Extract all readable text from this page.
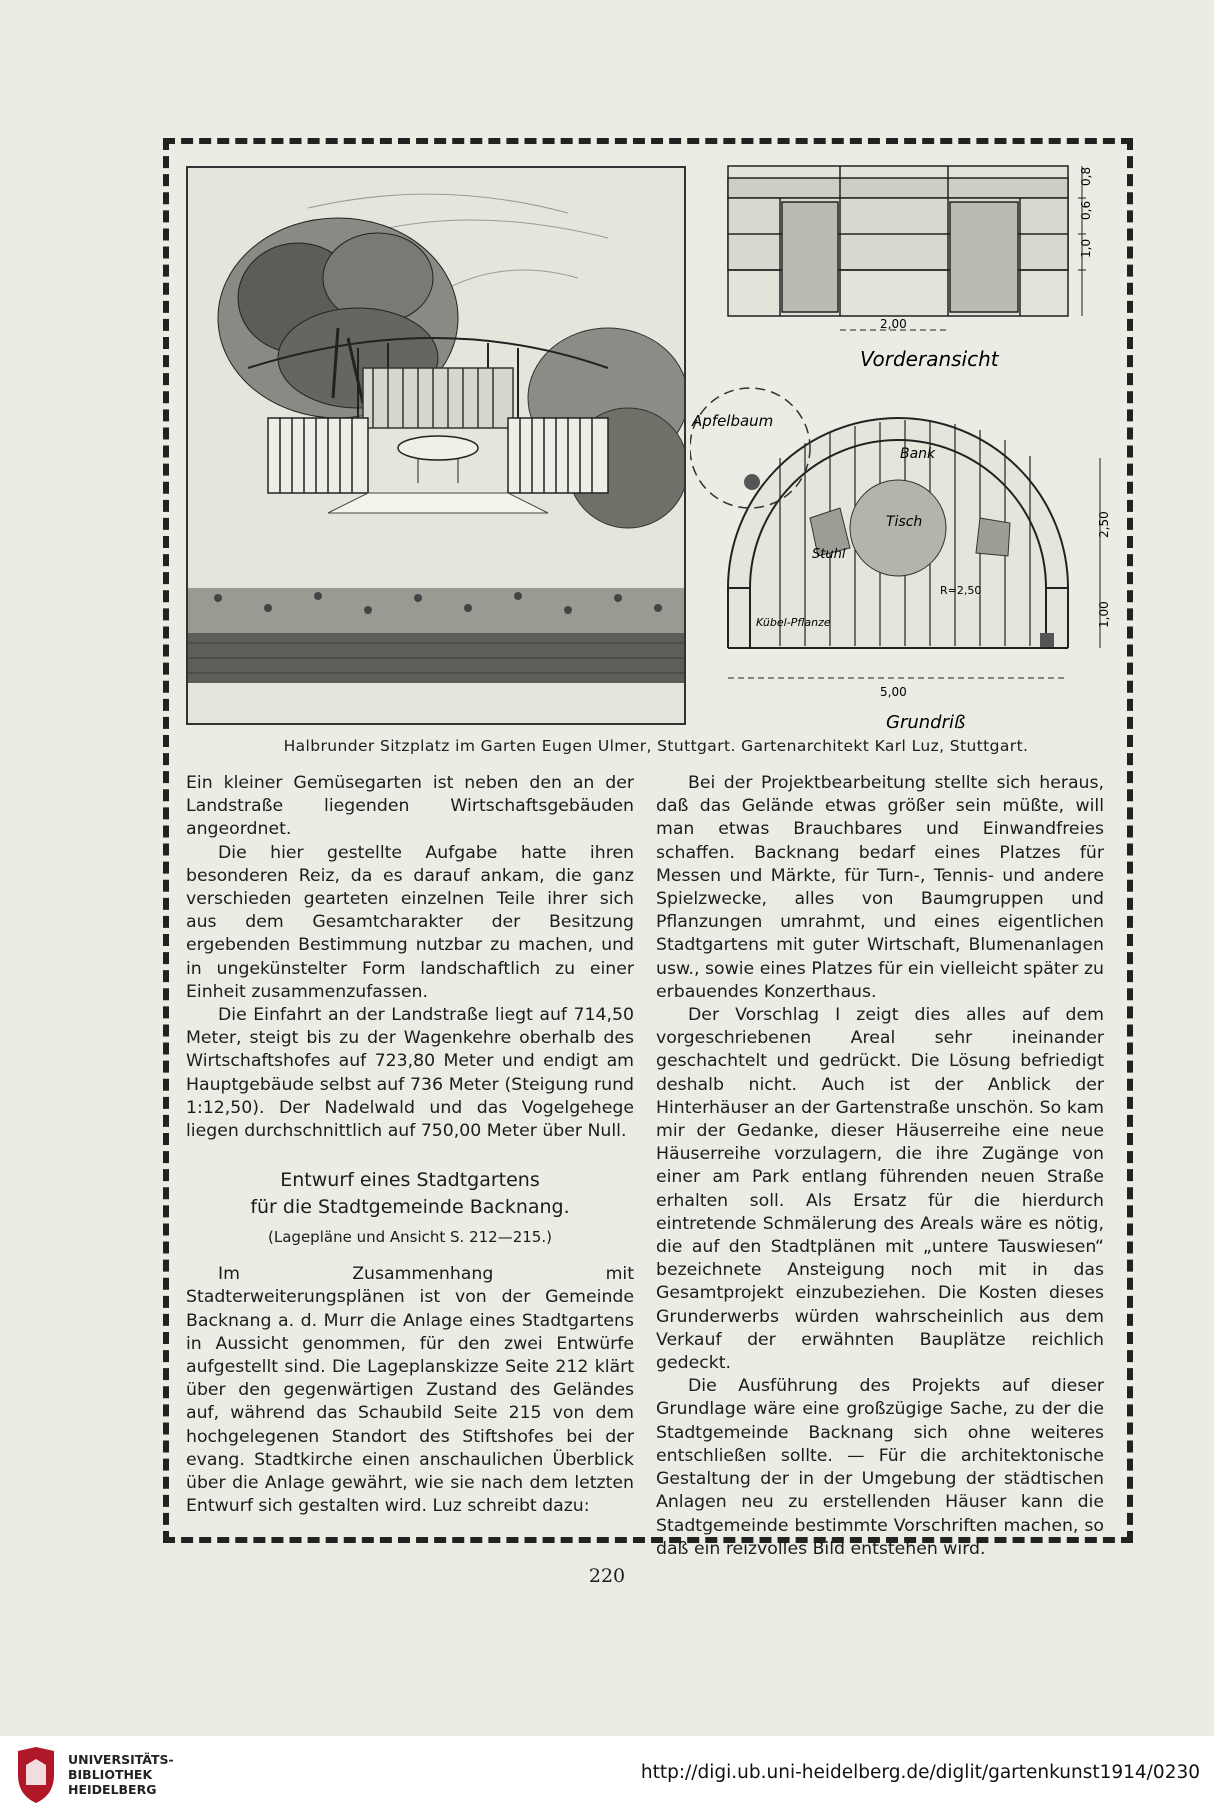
0,8
0,6
1,0
2,00
Vorderansicht
Apfelbaum
Bank
Tisch
Stuhl
Kübel-Pflanze
R=2,50
2,50
1,00
5,00
Grundriß
Halbrunder Sitzplatz im Garten Eugen Ulmer, Stuttgart. Gartenarchitekt Karl Luz, Stuttgart.

Ein kleiner Gemüsegarten ist neben den an der Landstraße liegenden Wirtschaftsgebäuden angeordnet.

Die hier gestellte Aufgabe hatte ihren besonderen Reiz, da es darauf ankam, die ganz verschieden gearteten einzelnen Teile ihrer sich aus dem Gesamtcharakter der Besitzung ergebenden Bestimmung nutzbar zu machen, und in ungekünstelter Form landschaftlich zu einer Einheit zusammenzufassen.

Die Einfahrt an der Landstraße liegt auf 714,50 Meter, steigt bis zu der Wagenkehre oberhalb des Wirtschaftshofes auf 723,80 Meter und endigt am Hauptgebäude selbst auf 736 Meter (Steigung rund 1:12,50). Der Nadelwald und das Vogelgehege liegen durchschnittlich auf 750,00 Meter über Null.

Entwurf eines Stadtgartens
für die Stadtgemeinde Backnang.
(Lagepläne und Ansicht S. 212—215.)

Im Zusammenhang mit Stadterweiterungsplänen ist von der Gemeinde Backnang a. d. Murr die Anlage eines Stadtgartens in Aussicht genommen, für den zwei Entwürfe aufgestellt sind. Die Lageplanskizze Seite 212 klärt über den gegenwärtigen Zustand des Geländes auf, während das Schaubild Seite 215 von dem hochgelegenen Standort des Stiftshofes bei der evang. Stadtkirche einen anschaulichen Überblick über die Anlage gewährt, wie sie nach dem letzten Entwurf sich gestalten wird. Luz schreibt dazu:

Bei der Projektbearbeitung stellte sich heraus, daß das Gelände etwas größer sein müßte, will man etwas Brauchbares und Einwandfreies schaffen. Backnang bedarf eines Platzes für Messen und Märkte, für Turn-, Tennis- und andere Spielzwecke, alles von Baumgruppen und Pflanzungen umrahmt, und eines eigentlichen Stadtgartens mit guter Wirtschaft, Blumenanlagen usw., sowie eines Platzes für ein vielleicht später zu erbauendes Konzerthaus.

Der Vorschlag I zeigt dies alles auf dem vorgeschriebenen Areal sehr ineinander geschachtelt und gedrückt. Die Lösung befriedigt deshalb nicht. Auch ist der Anblick der Hinterhäuser an der Gartenstraße unschön. So kam mir der Gedanke, dieser Häuserreihe eine neue Häuserreihe vorzulagern, die ihre Zugänge von einer am Park entlang führenden neuen Straße erhalten soll. Als Ersatz für die hierdurch eintretende Schmälerung des Areals wäre es nötig, die auf den Stadtplänen mit „untere Tauswiesen“ bezeichnete Ansteigung noch mit in das Gesamtprojekt einzubeziehen. Die Kosten dieses Grunderwerbs würden wahrscheinlich aus dem Verkauf der erwähnten Bauplätze reichlich gedeckt.

Die Ausführung des Projekts auf dieser Grundlage wäre eine großzügige Sache, zu der die Stadtgemeinde Backnang sich ohne weiteres entschließen sollte. — Für die architektonische Gestaltung der in der Umgebung der städtischen Anlagen neu zu erstellenden Häuser kann die Stadtgemeinde bestimmte Vorschriften machen, so daß ein reizvolles Bild entstehen wird.

220
UNIVERSITÄTS-
BIBLIOTHEK
HEIDELBERG
http://digi.ub.uni-heidelberg.de/diglit/gartenkunst1914/0230
